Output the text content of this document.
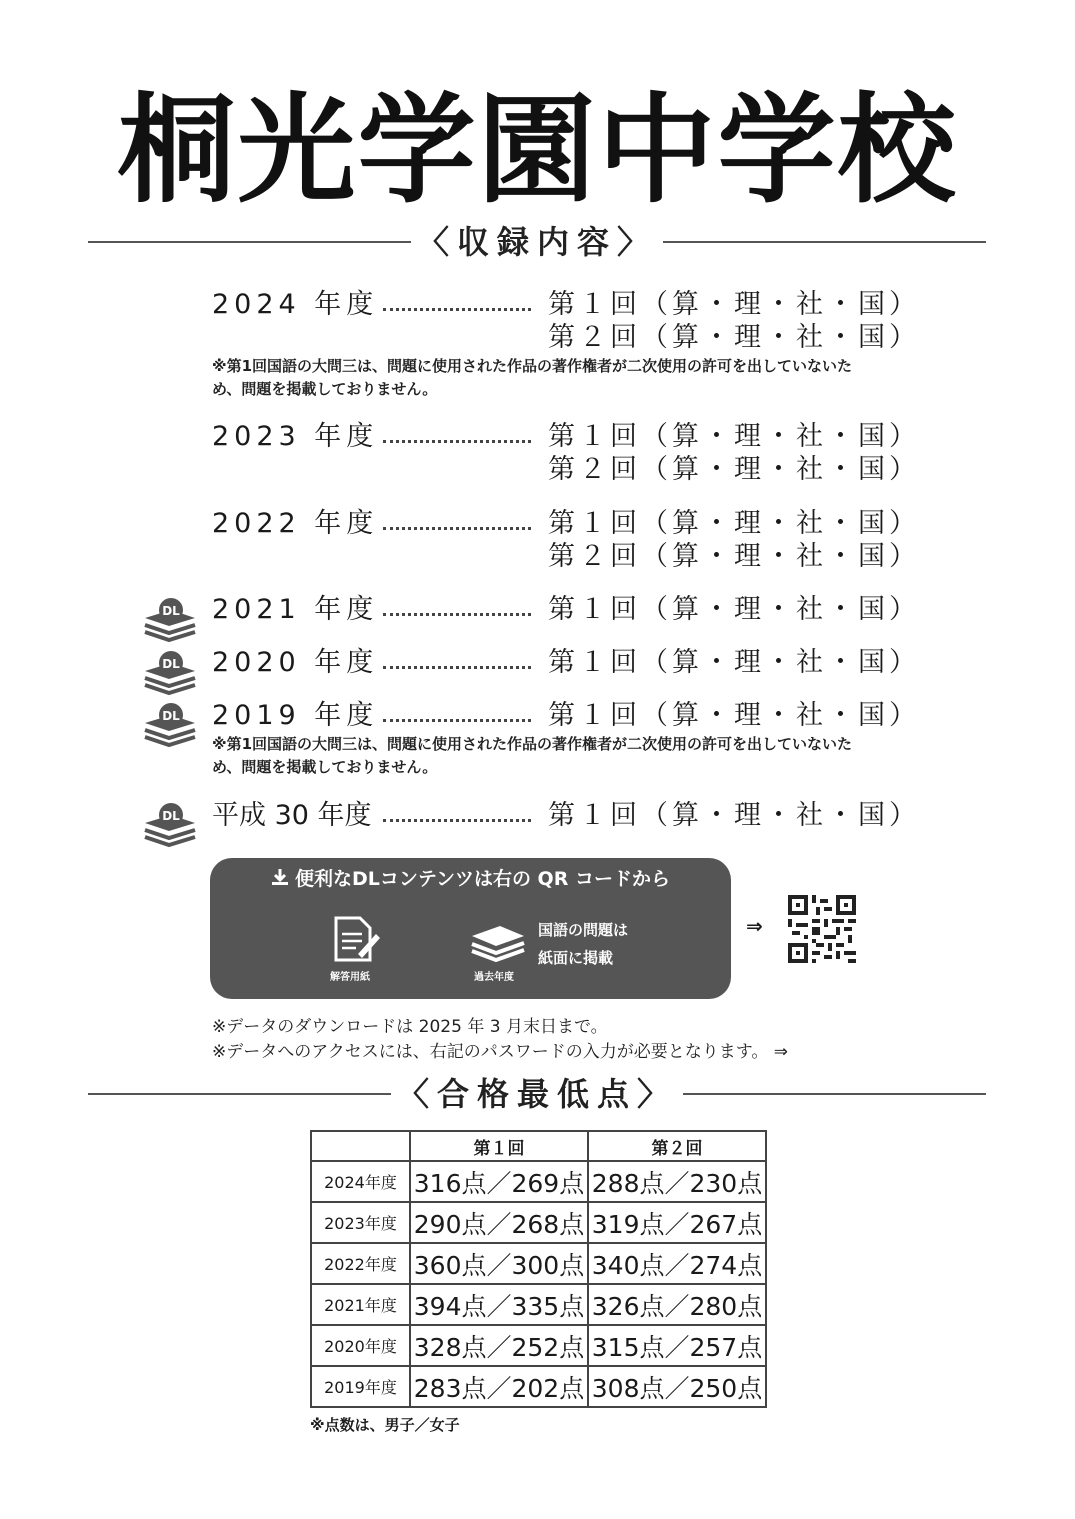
桐光学園中学校
〈収録内容〉
2024 年度	第１回（算・理・社・国）
第２回（算・理・社・国）
※第1回国語の大問三は、問題に使用された作品の著作権者が二次使用の許可を出していないため、問題を掲載しておりません。
2023 年度	第１回（算・理・社・国）
第２回（算・理・社・国）
2022 年度	第１回（算・理・社・国）
第２回（算・理・社・国）
DL 2021 年度	第１回（算・理・社・国）
DL 2020 年度	第１回（算・理・社・国）
DL 2019 年度	第１回（算・理・社・国）
※第1回国語の大問三は、問題に使用された作品の著作権者が二次使用の許可を出していないため、問題を掲載しておりません。
DL 平成 30 年度	第１回（算・理・社・国）
便利なDLコンテンツは右の QR コードから
解答用紙	過去年度
国語の問題は
紙面に掲載
⇒
※データのダウンロードは 2025 年 3 月末日まで。
※データへのアクセスには、右記のパスワードの入力が必要となります。 ⇒
〈合格最低点〉
	第１回	第２回
2024年度	316点／269点	288点／230点
2023年度	290点／268点	319点／267点
2022年度	360点／300点	340点／274点
2021年度	394点／335点	326点／280点
2020年度	328点／252点	315点／257点
2019年度	283点／202点	308点／250点
※点数は、男子／女子
